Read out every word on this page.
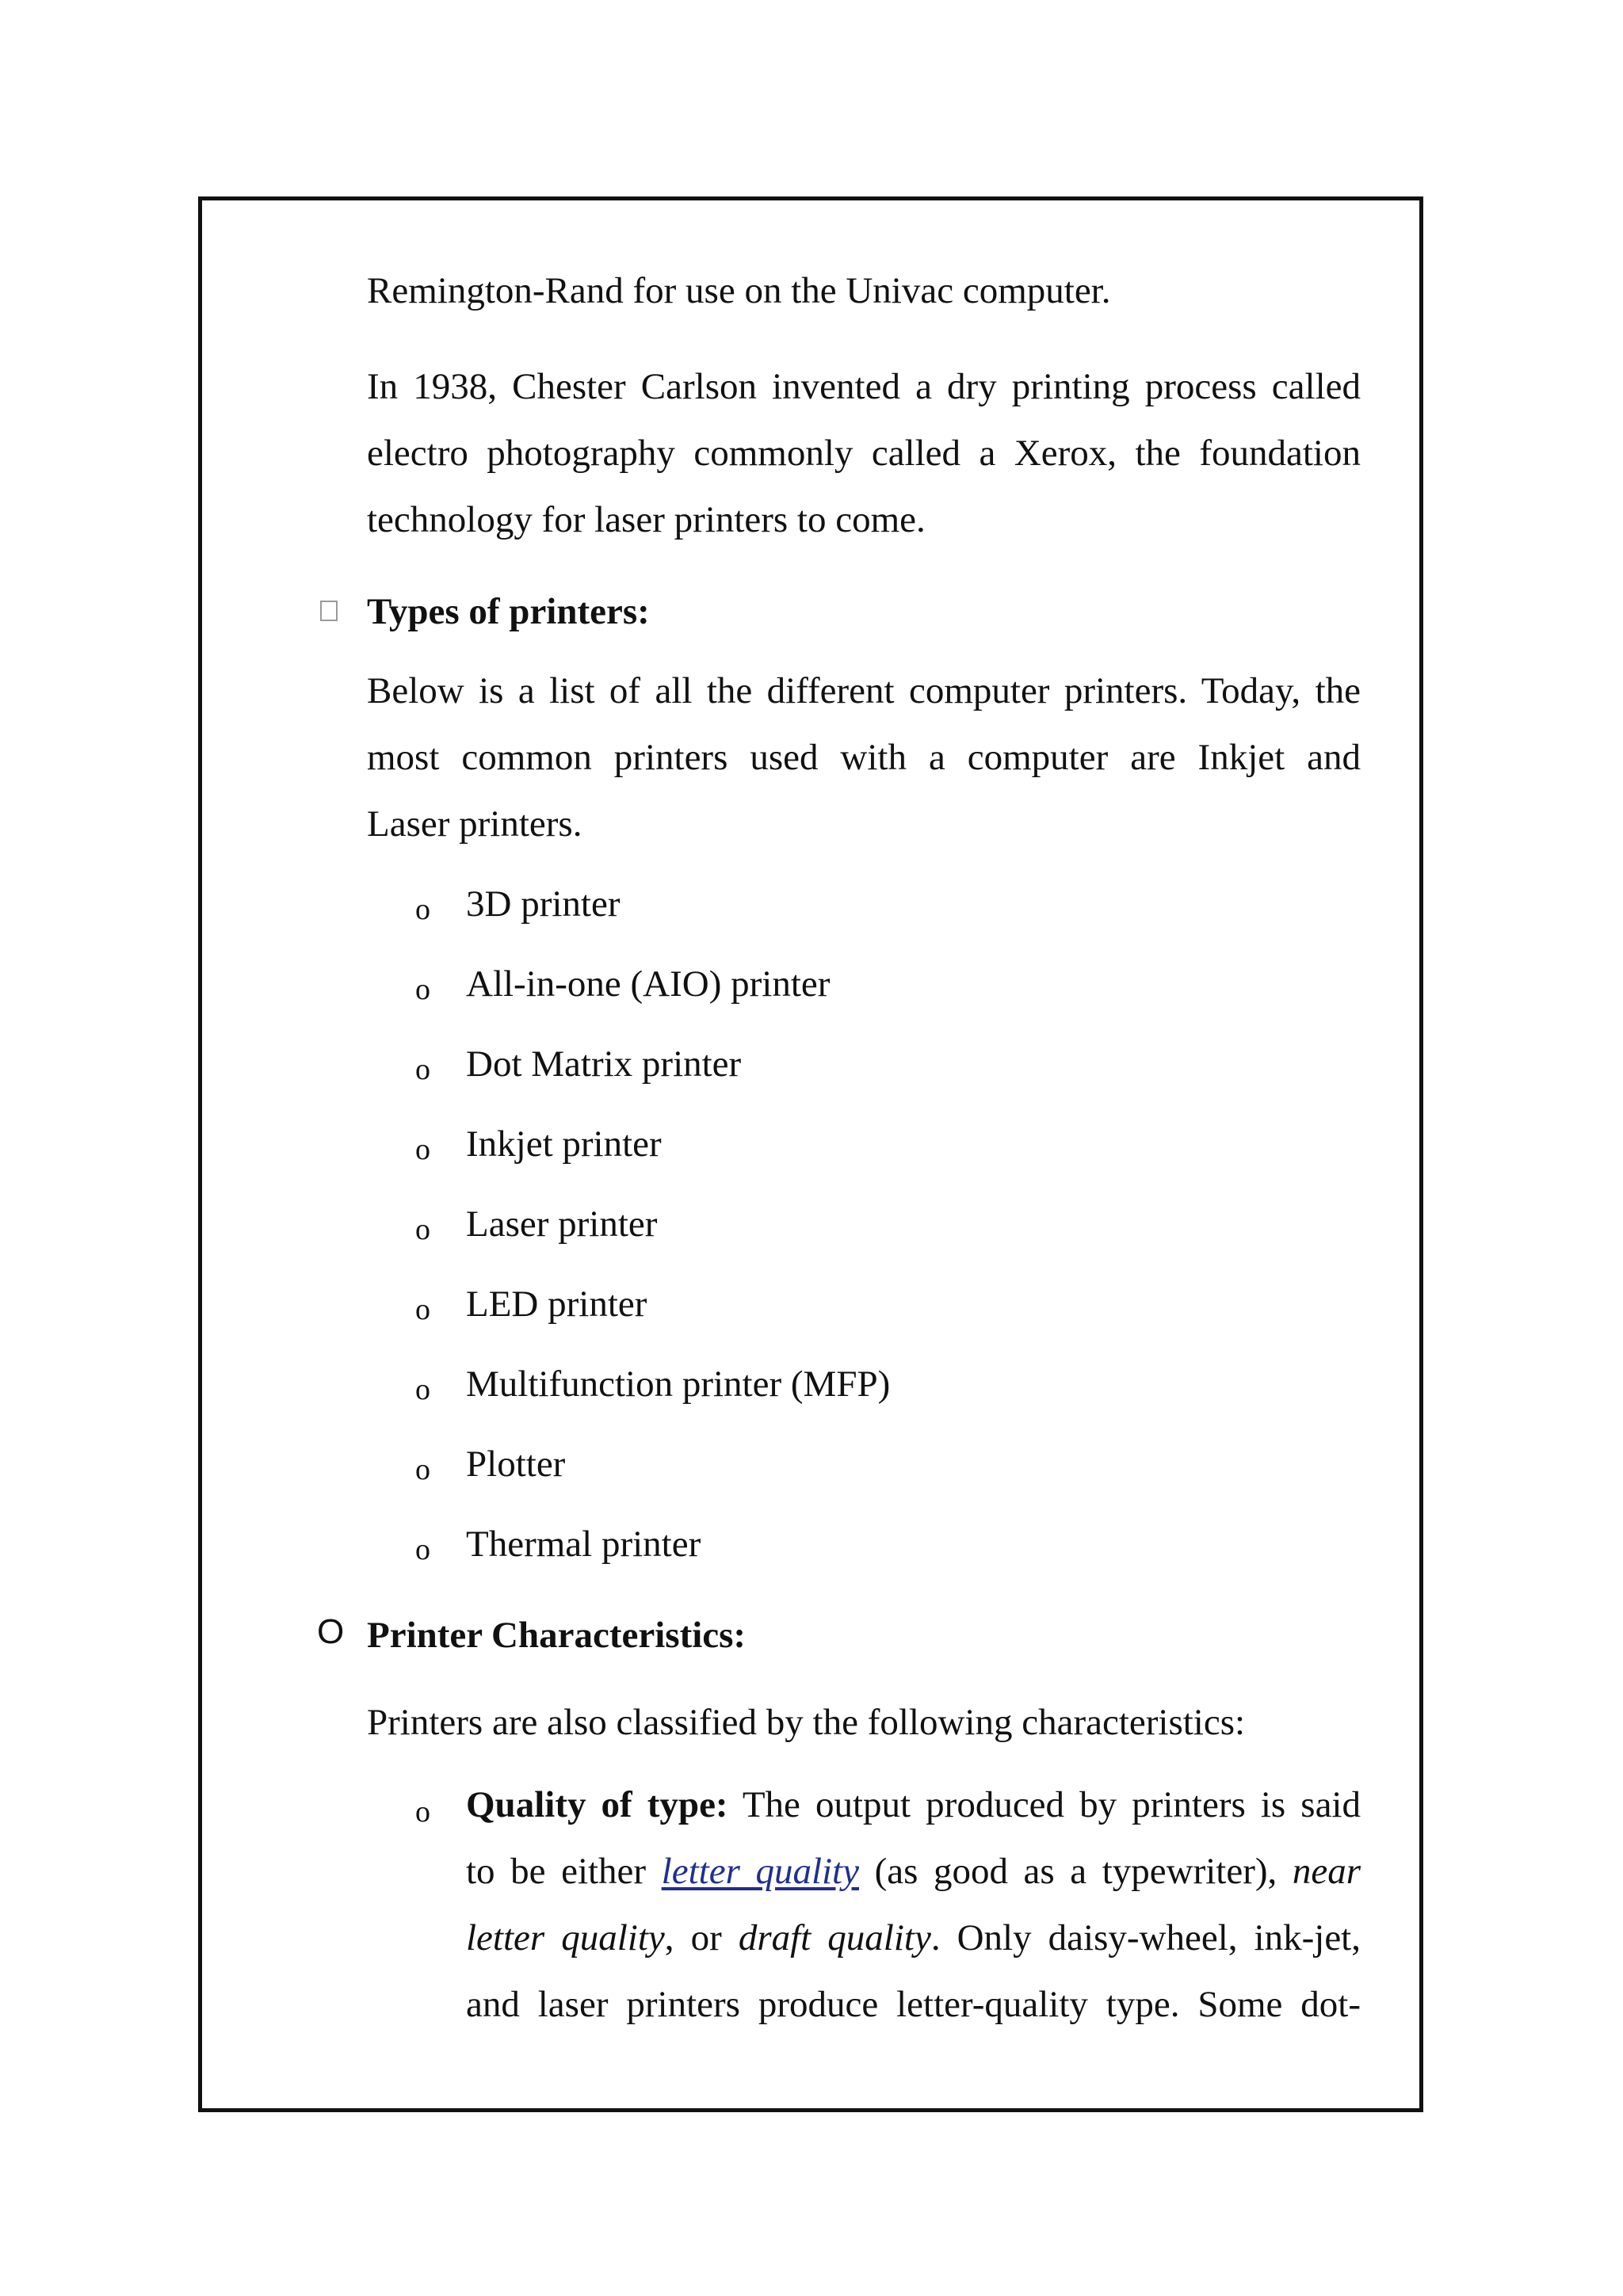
Remington-Rand for use on the Univac computer.
In 1938, Chester Carlson invented a dry printing process called
electro photography commonly called a Xerox, the foundation
technology for laser printers to come.
Types of printers:
Below is a list of all the different computer printers. Today, the
most common printers used with a computer are Inkjet and
Laser printers.
o 3D printer
o All-in-one (AIO) printer
o Dot Matrix printer
o Inkjet printer
o Laser printer
o LED printer
o Multifunction printer (MFP)
o Plotter
o Thermal printer
O Printer Characteristics:
Printers are also classified by the following characteristics:
o Quality of type: The output produced by printers is said
to be either letter quality (as good as a typewriter), near
letter quality, or draft quality. Only daisy-wheel, ink-jet,
and laser printers produce letter-quality type. Some dot-
